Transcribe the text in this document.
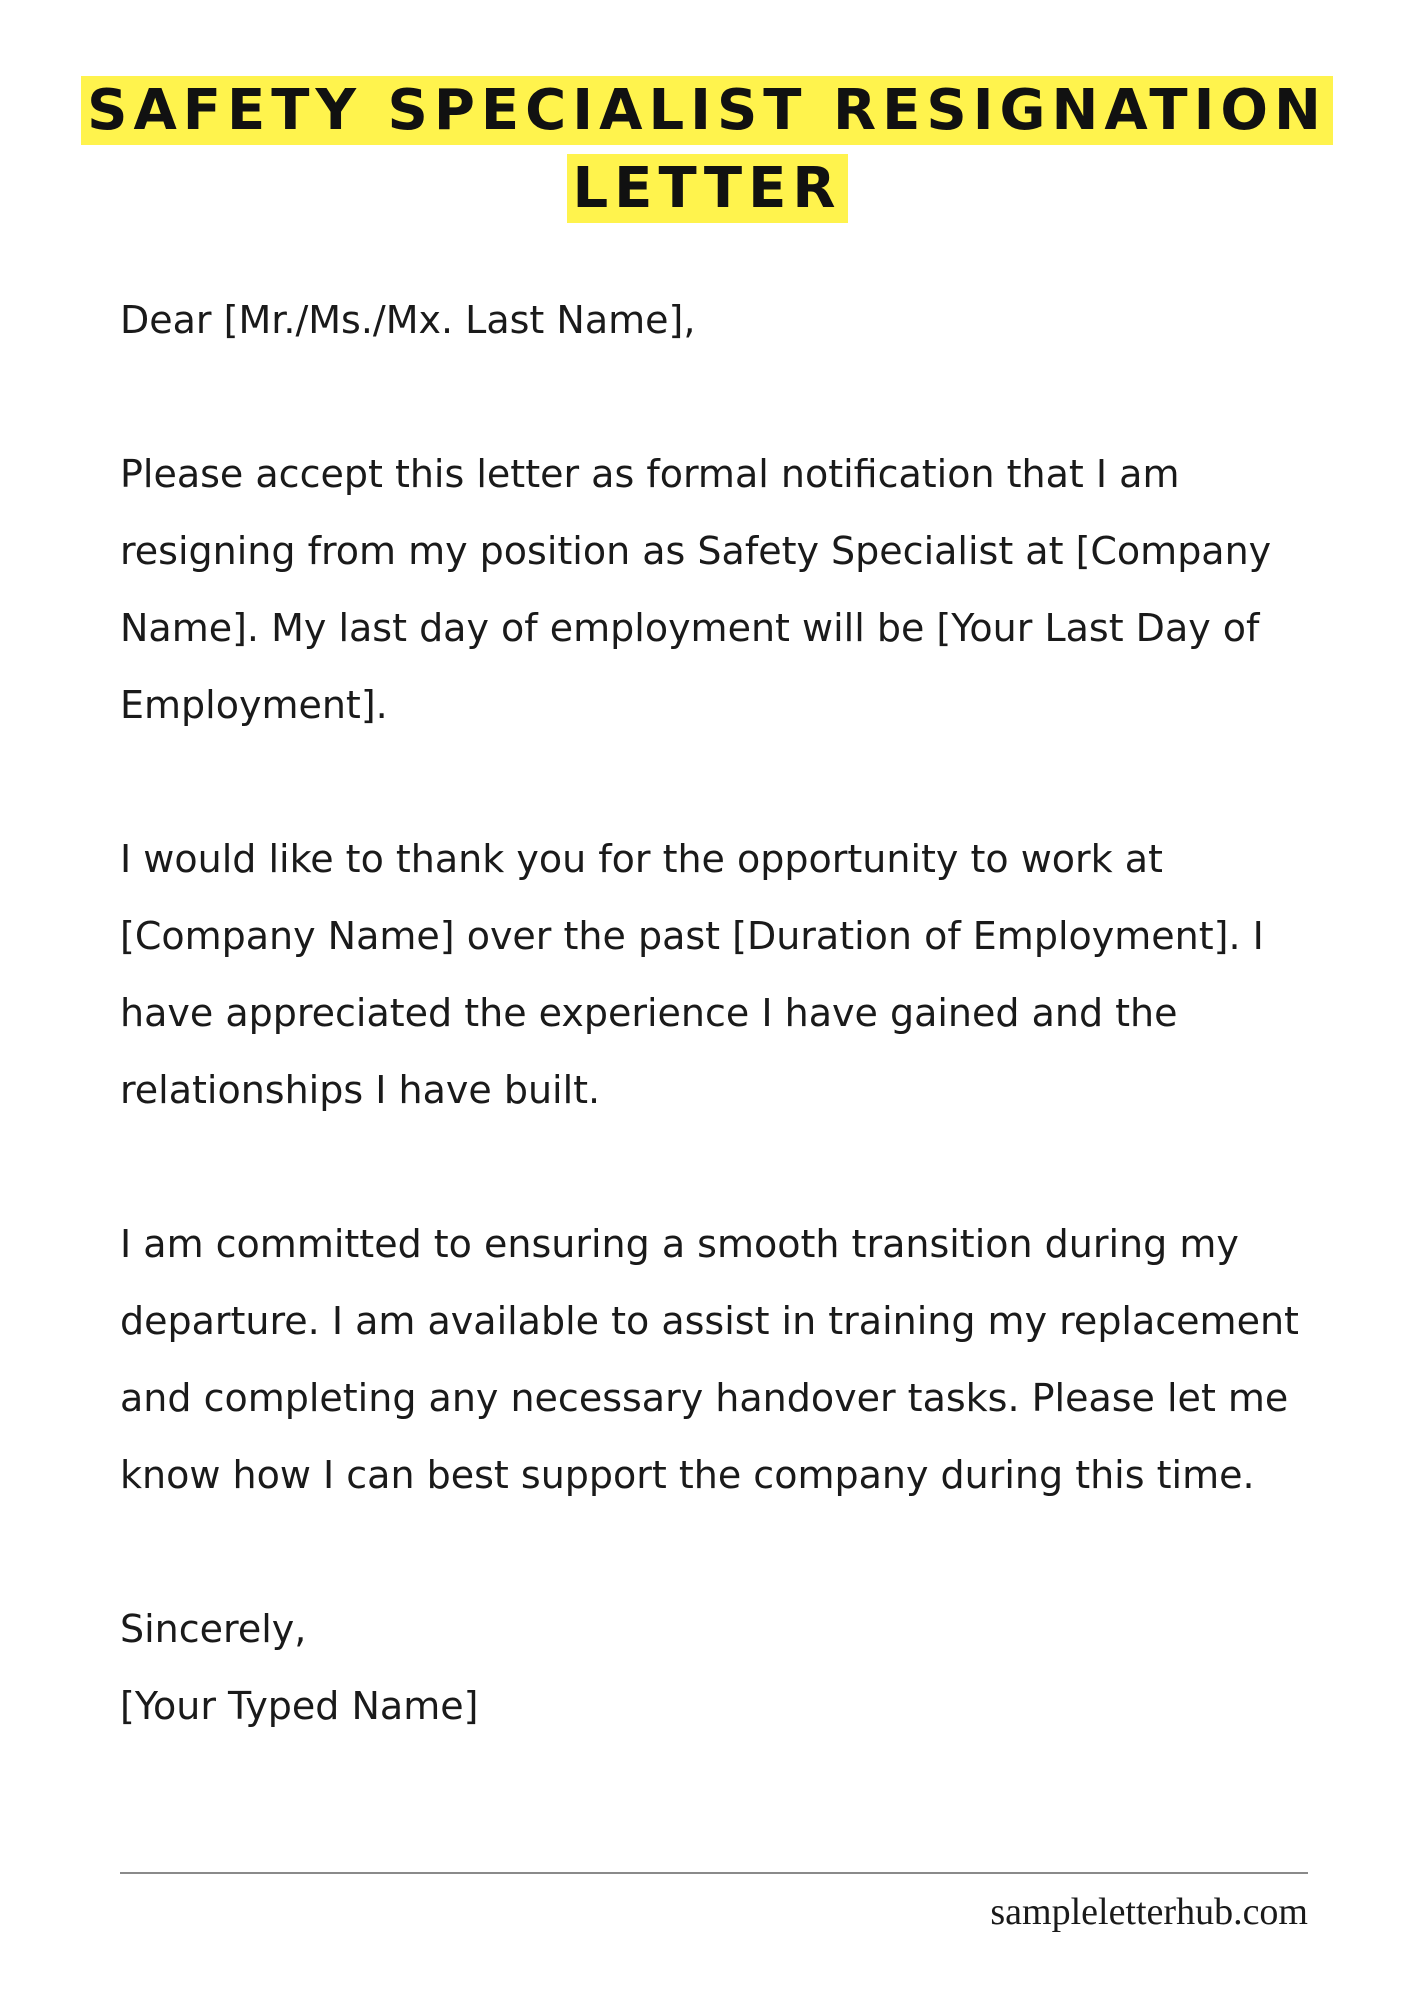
SAFETY SPECIALIST RESIGNATION LETTER

Dear [Mr./Ms./Mx. Last Name],

Please accept this letter as formal notification that I am resigning from my position as Safety Specialist at [Company Name]. My last day of employment will be [Your Last Day of Employment].

I would like to thank you for the opportunity to work at [Company Name] over the past [Duration of Employment]. I have appreciated the experience I have gained and the relationships I have built.

I am committed to ensuring a smooth transition during my departure. I am available to assist in training my replacement and completing any necessary handover tasks. Please let me know how I can best support the company during this time.

Sincerely,

[Your Typed Name]

sampleletterhub.com
